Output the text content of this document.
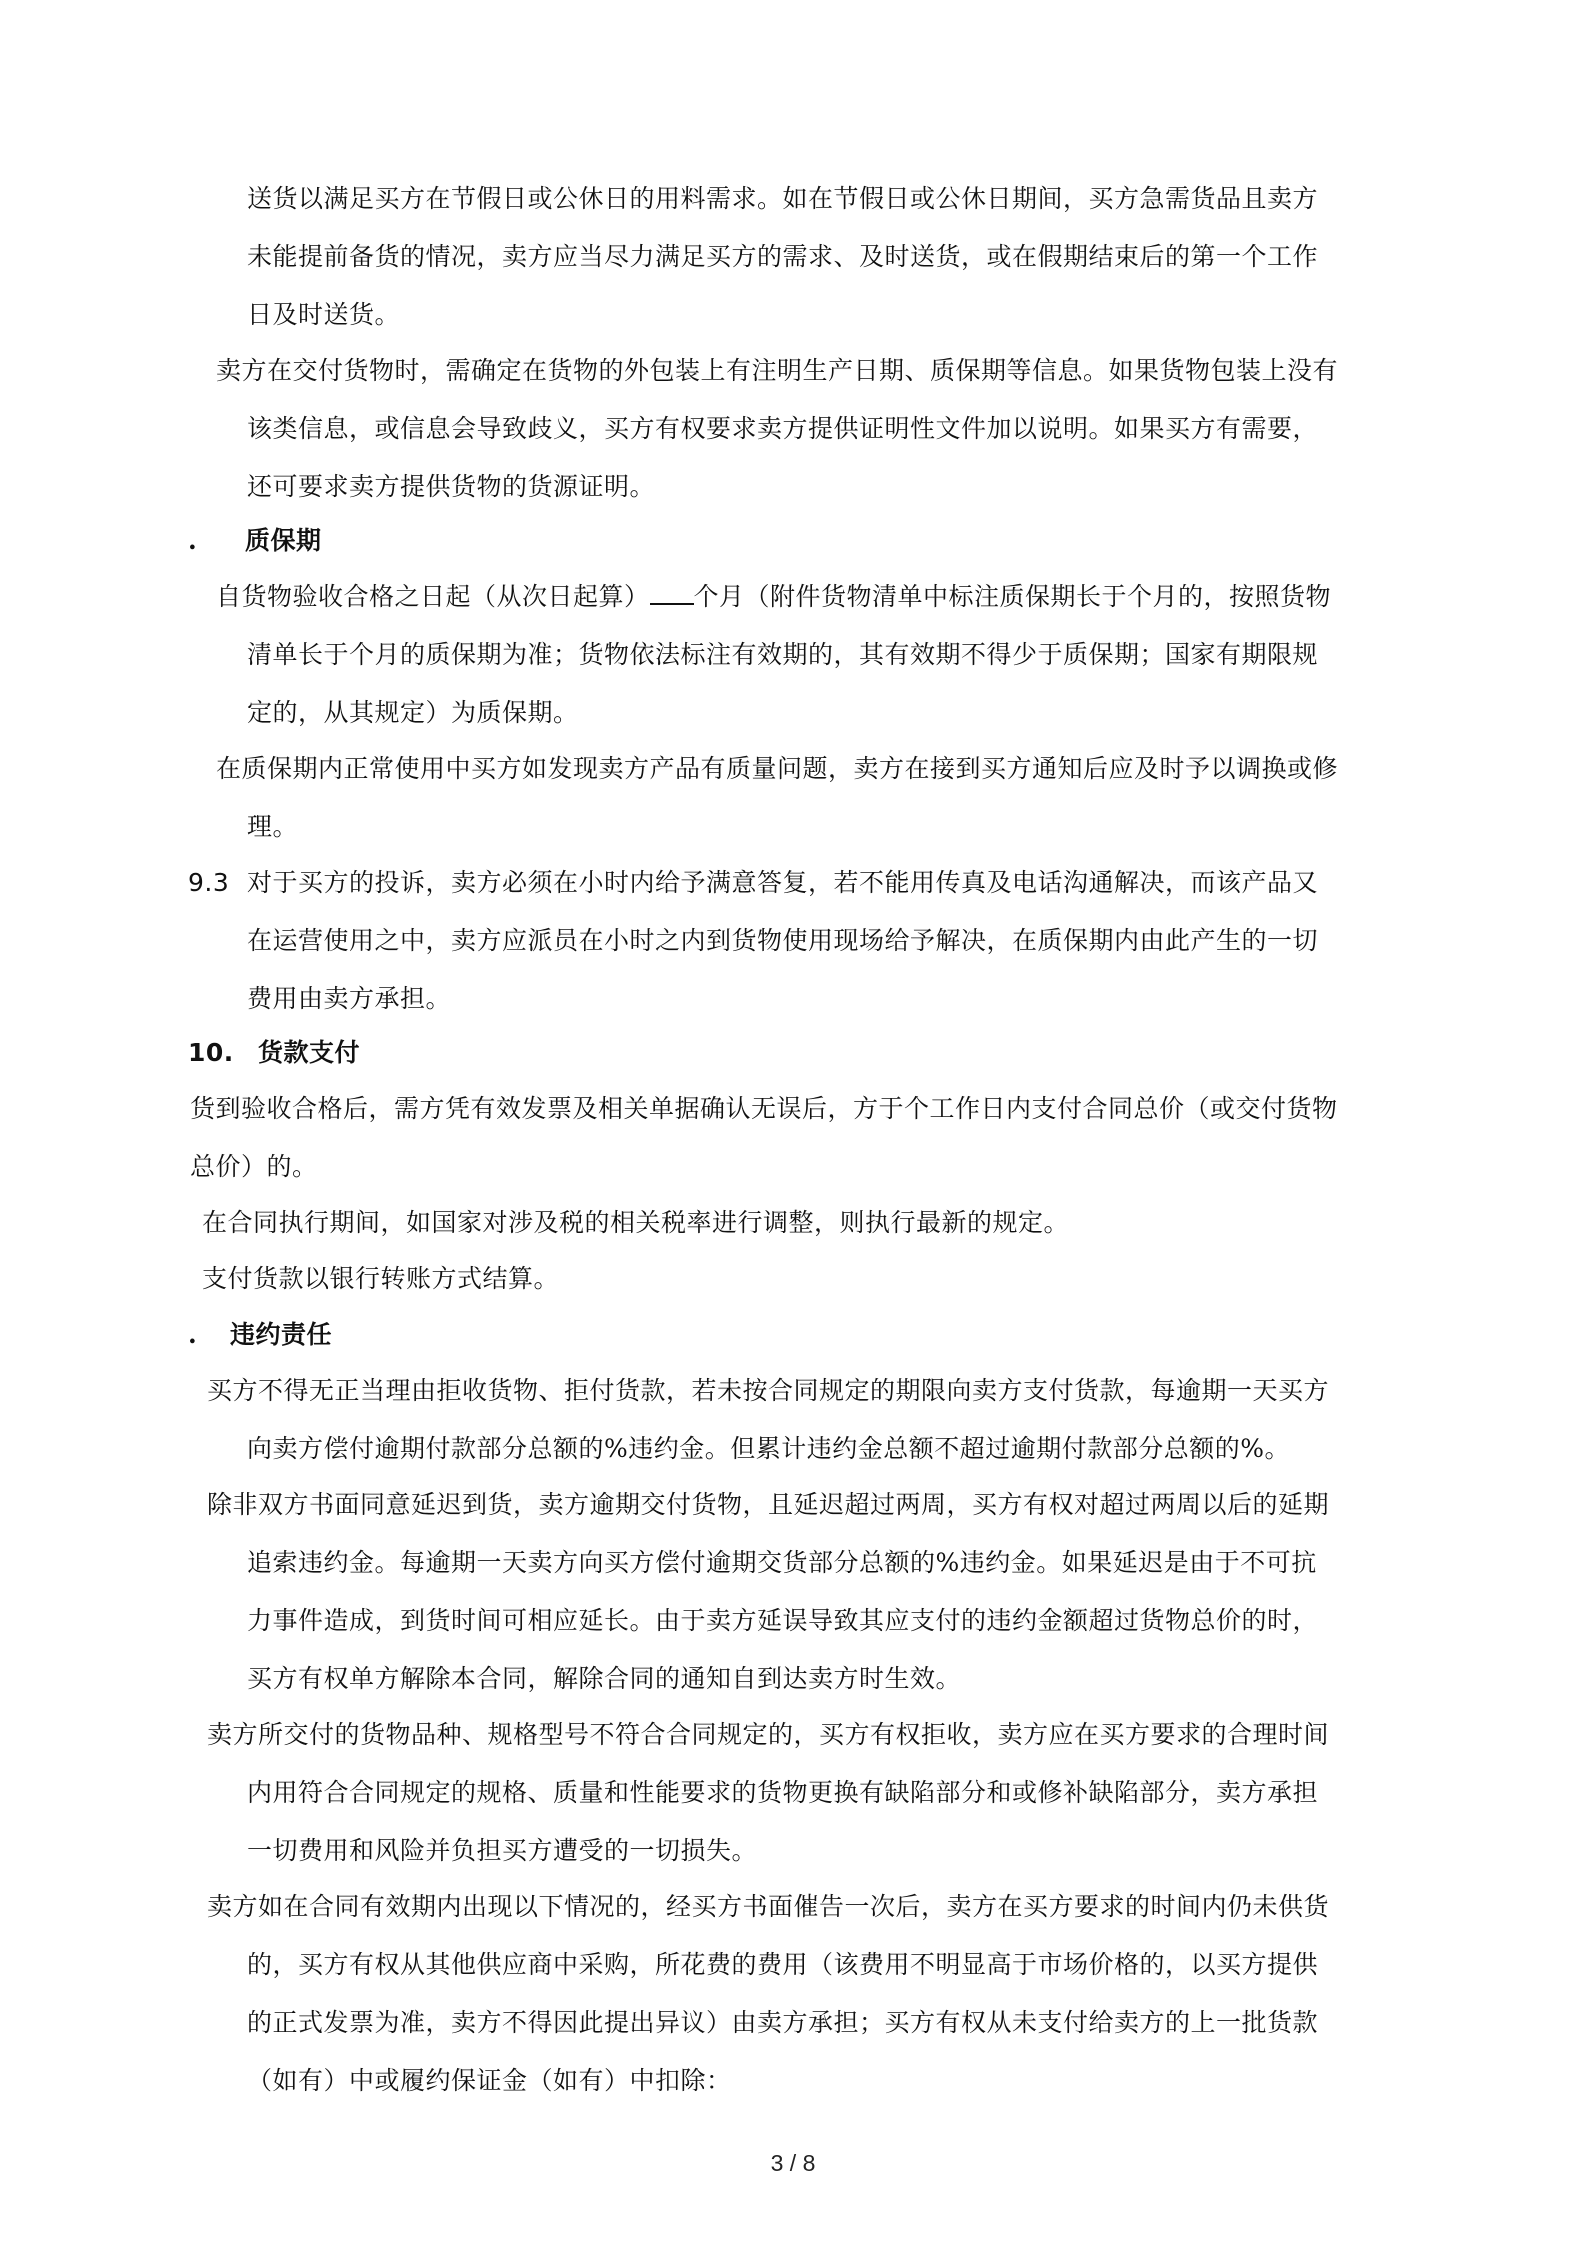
送货以满足买方在节假日或公休日的用料需求。如在节假日或公休日期间，买方急需货品且卖方
未能提前备货的情况，卖方应当尽力满足买方的需求、及时送货，或在假期结束后的第一个工作
日及时送货。
卖方在交付货物时，需确定在货物的外包装上有注明生产日期、质保期等信息。如果货物包装上没有
该类信息，或信息会导致歧义，买方有权要求卖方提供证明性文件加以说明。如果买方有需要，
还可要求卖方提供货物的货源证明。
. 质保期
自货物验收合格之日起（从次日起算） 个月（附件货物清单中标注质保期长于个月的，按照货物
清单长于个月的质保期为准；货物依法标注有效期的，其有效期不得少于质保期；国家有期限规
定的，从其规定）为质保期。
在质保期内正常使用中买方如发现卖方产品有质量问题，卖方在接到买方通知后应及时予以调换或修
理。
9.3 对于买方的投诉，卖方必须在小时内给予满意答复，若不能用传真及电话沟通解决，而该产品又
在运营使用之中，卖方应派员在小时之内到货物使用现场给予解决，在质保期内由此产生的一切
费用由卖方承担。
10. 货款支付
货到验收合格后，需方凭有效发票及相关单据确认无误后，方于个工作日内支付合同总价（或交付货物
总价）的。
在合同执行期间，如国家对涉及税的相关税率进行调整，则执行最新的规定。
支付货款以银行转账方式结算。
. 违约责任
买方不得无正当理由拒收货物、拒付货款，若未按合同规定的期限向卖方支付货款，每逾期一天买方
向卖方偿付逾期付款部分总额的%违约金。但累计违约金总额不超过逾期付款部分总额的%。
除非双方书面同意延迟到货，卖方逾期交付货物，且延迟超过两周，买方有权对超过两周以后的延期
追索违约金。每逾期一天卖方向买方偿付逾期交货部分总额的%违约金。如果延迟是由于不可抗
力事件造成，到货时间可相应延长。由于卖方延误导致其应支付的违约金额超过货物总价的时，
买方有权单方解除本合同，解除合同的通知自到达卖方时生效。
卖方所交付的货物品种、规格型号不符合合同规定的，买方有权拒收，卖方应在买方要求的合理时间
内用符合合同规定的规格、质量和性能要求的货物更换有缺陷部分和或修补缺陷部分，卖方承担
一切费用和风险并负担买方遭受的一切损失。
卖方如在合同有效期内出现以下情况的，经买方书面催告一次后，卖方在买方要求的时间内仍未供货
的，买方有权从其他供应商中采购，所花费的费用（该费用不明显高于市场价格的，以买方提供
的正式发票为准，卖方不得因此提出异议）由卖方承担；买方有权从未支付给卖方的上一批货款
（如有）中或履约保证金（如有）中扣除：
3 / 8
